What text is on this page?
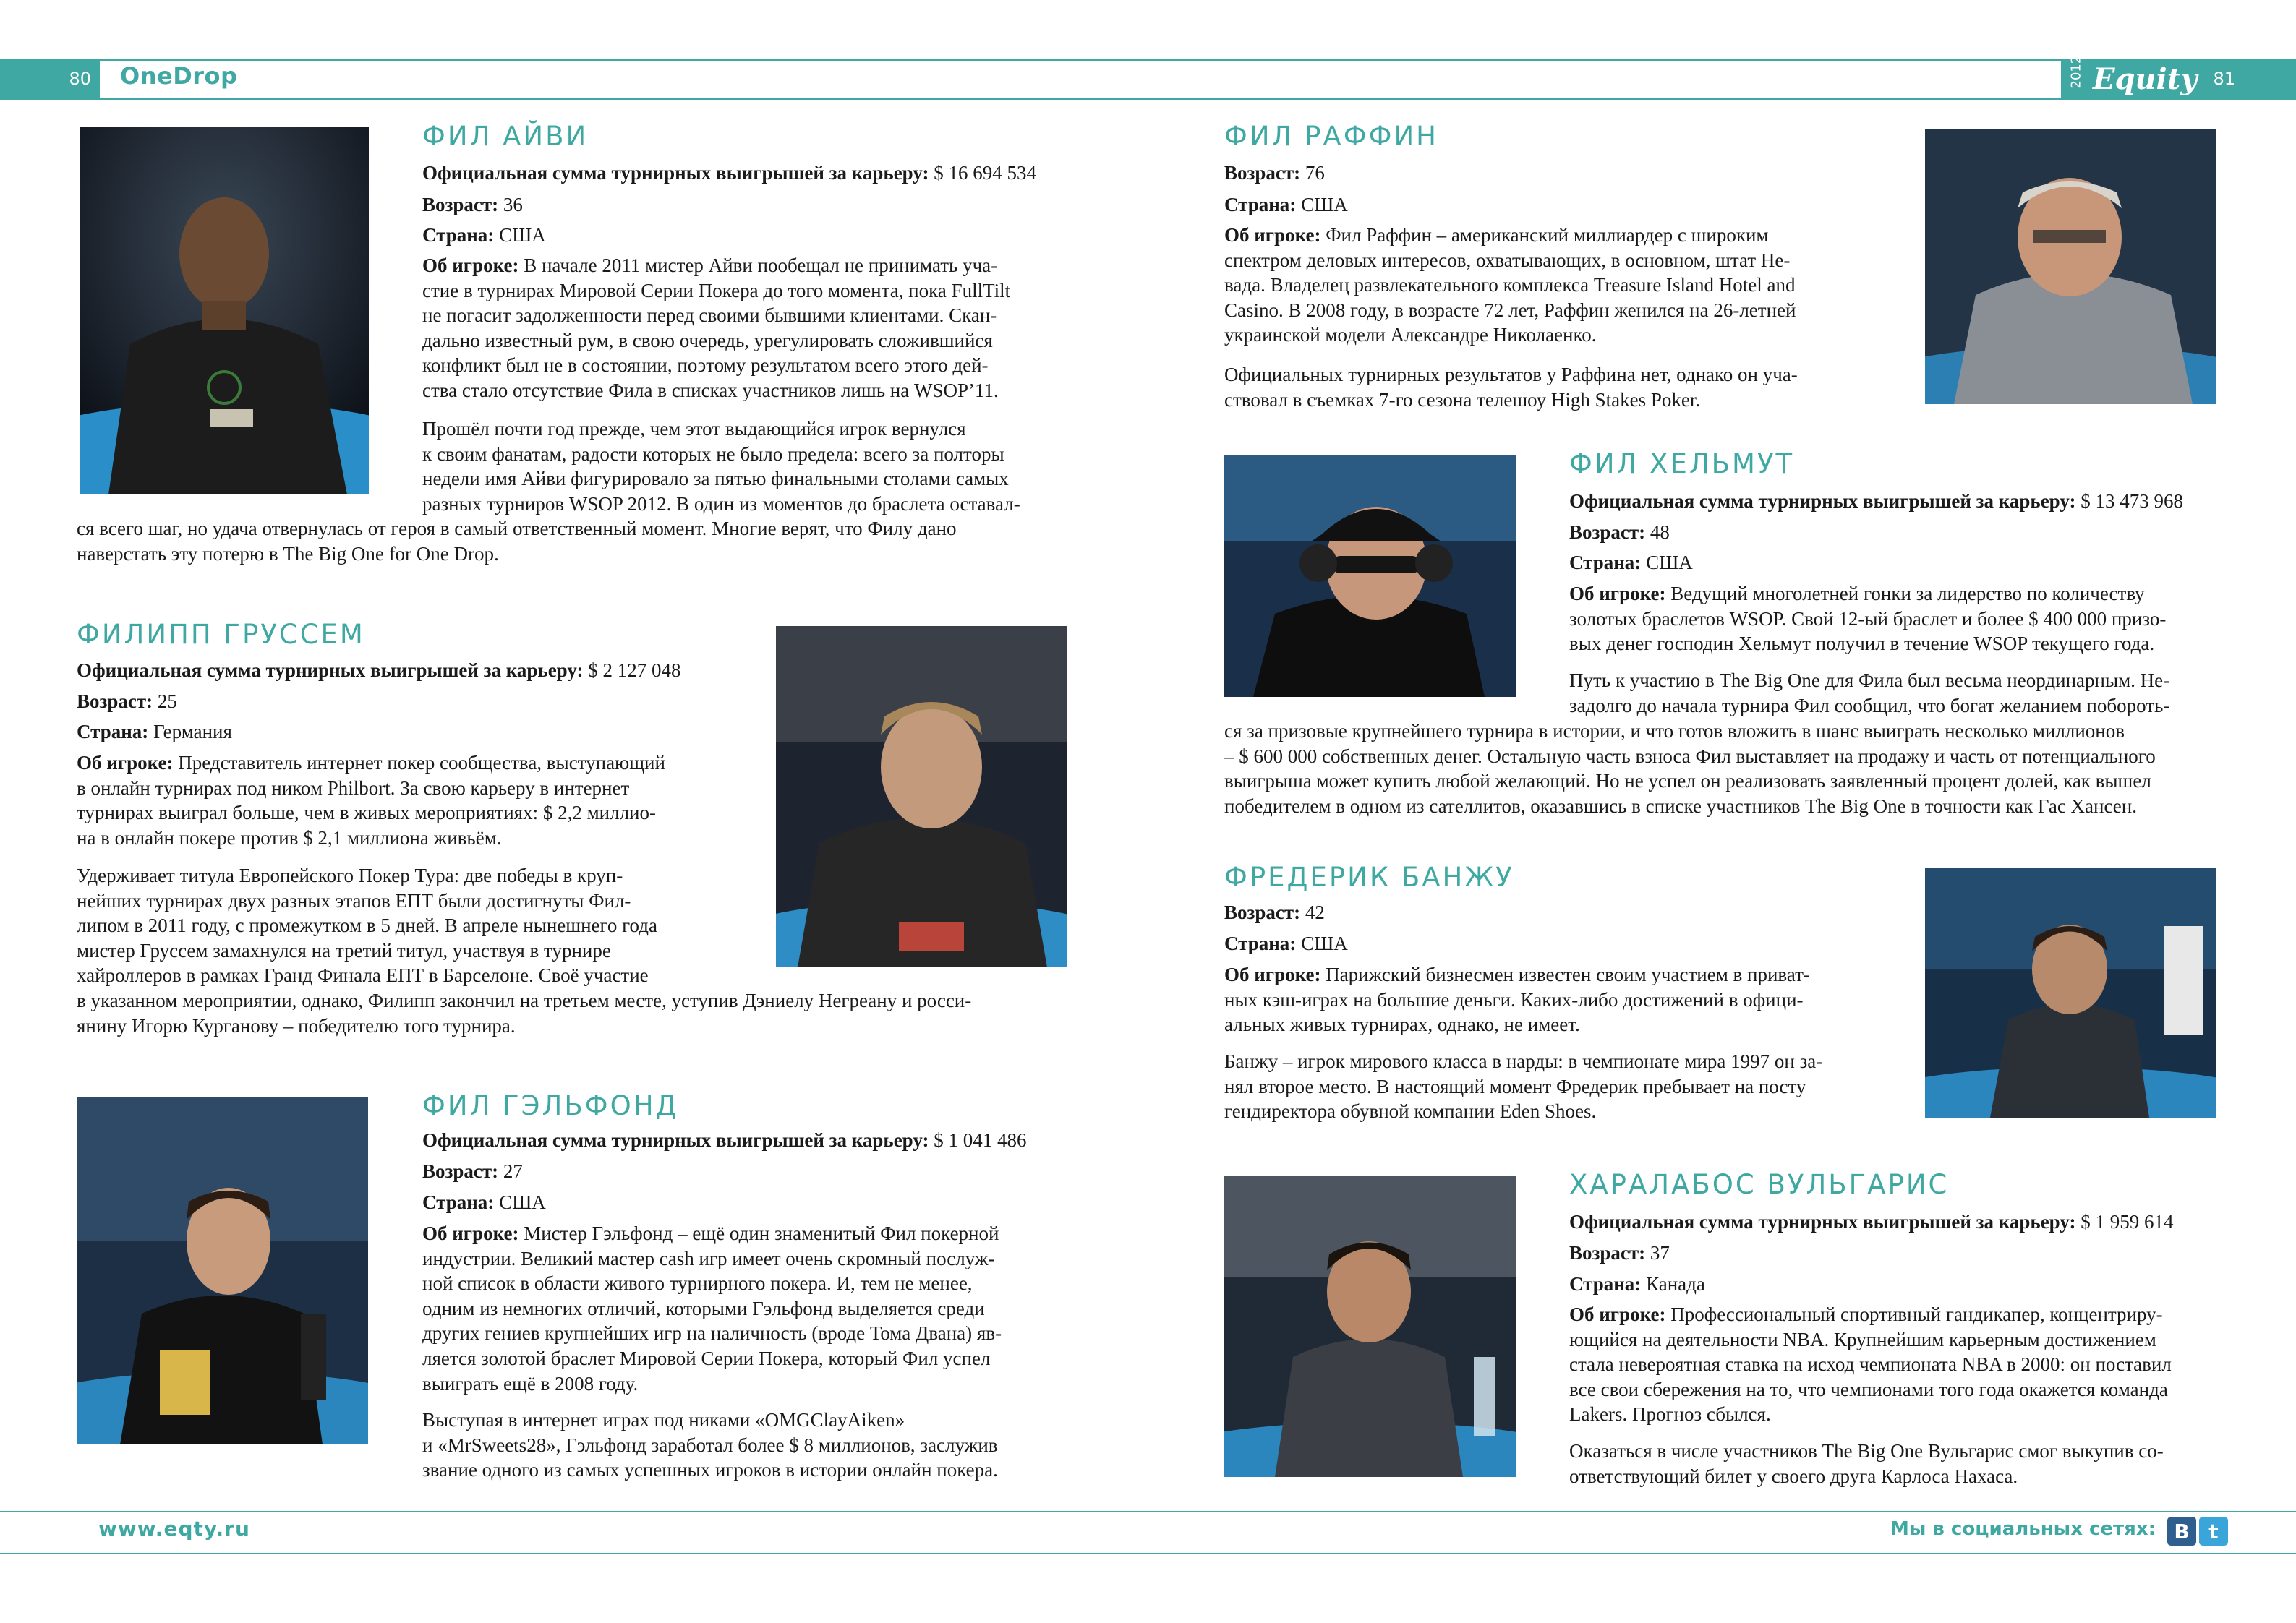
80 OneDrop	2012 Equity 81
ФИЛ АЙВИ
Официальная сумма турнирных выигрышей за карьеру: $ 16 694 534
Возраст: 36
Страна: США
Об игроке: В начале 2011 мистер Айви пообещал не принимать уча-
стие в турнирах Мировой Серии Покера до того момента, пока FullTilt
не погасит задолженности перед своими бывшими клиентами. Скан-
дально известный рум, в свою очередь, урегулировать сложившийся
конфликт был не в состоянии, поэтому результатом всего этого дей-
ства стало отсутствие Фила в списках участников лишь на WSOP’11.
Прошёл почти год прежде, чем этот выдающийся игрок вернулся
к своим фанатам, радости которых не было предела: всего за полторы
недели имя Айви фигурировало за пятью финальными столами самых
разных турниров WSOP 2012. В один из моментов до браслета оставал-
ся всего шаг, но удача отвернулась от героя в самый ответственный момент. Многие верят, что Филу дано
наверстать эту потерю в The Big One for One Drop.
ФИЛИПП ГРУССЕМ
Официальная сумма турнирных выигрышей за карьеру: $ 2 127 048
Возраст: 25
Страна: Германия
Об игроке: Представитель интернет покер сообщества, выступающий
в онлайн турнирах под ником Philbort. За свою карьеру в интернет
турнирах выиграл больше, чем в живых мероприятиях: $ 2,2 миллио-
на в онлайн покере против $ 2,1 миллиона живьём.
Удерживает титула Европейского Покер Тура: две победы в круп-
нейших турнирах двух разных этапов ЕПТ были достигнуты Фил-
липом в 2011 году, с промежутком в 5 дней. В апреле нынешнего года
мистер Груссем замахнулся на третий титул, участвуя в турнире
хайроллеров в рамках Гранд Финала ЕПТ в Барселоне. Своё участие
в указанном мероприятии, однако, Филипп закончил на третьем месте, уступив Дэниелу Негреану и росси-
янину Игорю Курганову – победителю того турнира.
ФИЛ ГЭЛЬФОНД
Официальная сумма турнирных выигрышей за карьеру: $ 1 041 486
Возраст: 27
Страна: США
Об игроке: Мистер Гэльфонд – ещё один знаменитый Фил покерной
индустрии. Великий мастер cash игр имеет очень скромный послуж-
ной список в области живого турнирного покера. И, тем не менее,
одним из немногих отличий, которыми Гэльфонд выделяется среди
других гениев крупнейших игр на наличность (вроде Тома Двана) яв-
ляется золотой браслет Мировой Серии Покера, который Фил успел
выиграть ещё в 2008 году.
Выступая в интернет играх под никами «OMGClayAiken»
и «MrSweets28», Гэльфонд заработал более $ 8 миллионов, заслужив
звание одного из самых успешных игроков в истории онлайн покера.
ФИЛ РАФФИН
Возраст: 76
Страна: США
Об игроке: Фил Раффин – американский миллиардер с широким
спектром деловых интересов, охватывающих, в основном, штат Не-
вада. Владелец развлекательного комплекса Treasure Island Hotel and
Casino. В 2008 году, в возрасте 72 лет, Раффин женился на 26-летней
украинской модели Александре Николаенко.
Официальных турнирных результатов у Раффина нет, однако он уча-
ствовал в съемках 7-го сезона телешоу High Stakes Poker.
ФИЛ ХЕЛЬМУТ
Официальная сумма турнирных выигрышей за карьеру: $ 13 473 968
Возраст: 48
Страна: США
Об игроке: Ведущий многолетней гонки за лидерство по количеству
золотых браслетов WSOP. Свой 12-ый браслет и более $ 400 000 призо-
вых денег господин Хельмут получил в течение WSOP текущего года.
Путь к участию в The Big One для Фила был весьма неординарным. Не-
задолго до начала турнира Фил сообщил, что богат желанием побороть-
ся за призовые крупнейшего турнира в истории, и что готов вложить в шанс выиграть несколько миллионов
– $ 600 000 собственных денег. Остальную часть взноса Фил выставляет на продажу и часть от потенциального
выигрыша может купить любой желающий. Но не успел он реализовать заявленный процент долей, как вышел
победителем в одном из сателлитов, оказавшись в списке участников The Big One в точности как Гас Хансен.
ФРЕДЕРИК БАНЖУ
Возраст: 42
Страна: США
Об игроке: Парижский бизнесмен известен своим участием в приват-
ных кэш-играх на большие деньги. Каких-либо достижений в офици-
альных живых турнирах, однако, не имеет.
Банжу – игрок мирового класса в нарды: в чемпионате мира 1997 он за-
нял второе место. В настоящий момент Фредерик пребывает на посту
гендиректора обувной компании Eden Shoes.
ХАРАЛАБОС ВУЛЬГАРИС
Официальная сумма турнирных выигрышей за карьеру: $ 1 959 614
Возраст: 37
Страна: Канада
Об игроке: Профессиональный спортивный гандикапер, концентриру-
ющийся на деятельности NBA. Крупнейшим карьерным достижением
стала невероятная ставка на исход чемпионата NBA в 2000: он поставил
все свои сбережения на то, что чемпионами того года окажется команда
Lakers. Прогноз сбылся.
Оказаться в числе участников The Big One Вульгарис смог выкупив со-
ответствующий билет у своего друга Карлоса Нахаса.
www.eqty.ru	Мы в социальных сетях: B t
